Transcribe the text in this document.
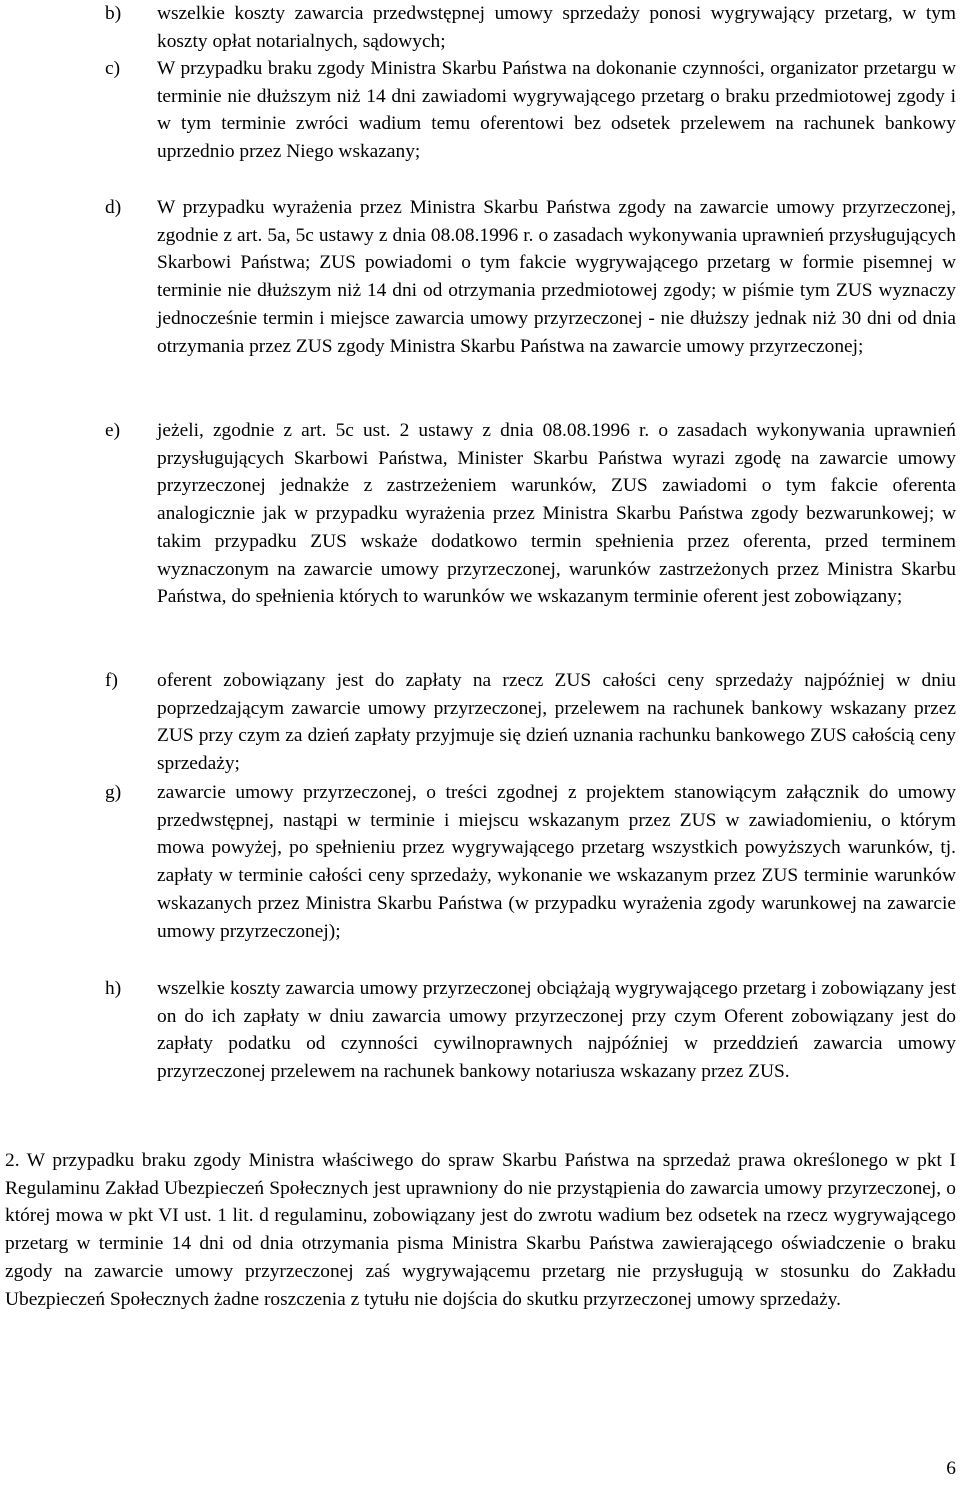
b)	wszelkie koszty zawarcia przedwstępnej umowy sprzedaży ponosi wygrywający przetarg, w tym koszty opłat notarialnych, sądowych;
c)	W przypadku braku zgody Ministra Skarbu Państwa na dokonanie czynności, organizator przetargu w terminie nie dłuższym niż 14 dni zawiadomi wygrywającego przetarg o braku przedmiotowej zgody i w tym terminie zwróci wadium temu oferentowi bez odsetek przelewem na rachunek bankowy uprzednio przez Niego wskazany;
d)	W przypadku wyrażenia przez Ministra Skarbu Państwa zgody na zawarcie umowy przyrzeczonej, zgodnie z art. 5a, 5c ustawy z dnia 08.08.1996 r. o zasadach wykonywania uprawnień przysługujących Skarbowi Państwa; ZUS powiadomi o tym fakcie wygrywającego przetarg w formie pisemnej w terminie nie dłuższym niż 14 dni od otrzymania przedmiotowej zgody; w piśmie tym ZUS wyznaczy jednocześnie termin i miejsce zawarcia umowy przyrzeczonej - nie dłuższy jednak niż 30 dni od dnia otrzymania przez ZUS zgody Ministra Skarbu Państwa na zawarcie umowy przyrzeczonej;
e)	jeżeli, zgodnie z art. 5c ust. 2 ustawy z dnia 08.08.1996 r. o zasadach wykonywania uprawnień przysługujących Skarbowi Państwa, Minister Skarbu Państwa wyrazi zgodę na zawarcie umowy przyrzeczonej jednakże z zastrzeżeniem warunków, ZUS zawiadomi o tym fakcie oferenta analogicznie jak w przypadku wyrażenia przez Ministra Skarbu Państwa zgody bezwarunkowej; w takim przypadku ZUS wskaże dodatkowo termin spełnienia przez oferenta, przed terminem wyznaczonym na zawarcie umowy przyrzeczonej, warunków zastrzeżonych przez Ministra Skarbu Państwa, do spełnienia których to warunków we wskazanym terminie oferent jest zobowiązany;
f)	oferent zobowiązany jest do zapłaty na rzecz ZUS całości ceny sprzedaży najpóźniej w dniu poprzedzającym zawarcie umowy przyrzeczonej, przelewem na rachunek bankowy wskazany przez ZUS przy czym za dzień zapłaty przyjmuje się dzień uznania rachunku bankowego ZUS całością ceny sprzedaży;
g)	zawarcie umowy przyrzeczonej, o treści zgodnej z projektem stanowiącym załącznik do umowy przedwstępnej, nastąpi w terminie i miejscu wskazanym przez ZUS w zawiadomieniu, o którym mowa powyżej, po spełnieniu przez wygrywającego przetarg wszystkich powyższych warunków, tj. zapłaty w terminie całości ceny sprzedaży, wykonanie we wskazanym przez ZUS terminie warunków wskazanych przez Ministra Skarbu Państwa (w przypadku wyrażenia zgody warunkowej na zawarcie umowy przyrzeczonej);
h)	wszelkie koszty zawarcia umowy przyrzeczonej obciążają wygrywającego przetarg i zobowiązany jest on do ich zapłaty w dniu zawarcia umowy przyrzeczonej przy czym Oferent zobowiązany jest do zapłaty podatku od czynności cywilnoprawnych najpóźniej w przeddzień zawarcia umowy przyrzeczonej przelewem na rachunek bankowy notariusza wskazany przez ZUS.
2. W przypadku braku zgody Ministra właściwego do spraw Skarbu Państwa na sprzedaż prawa określonego w pkt I Regulaminu Zakład Ubezpieczeń Społecznych jest uprawniony do nie przystąpienia do zawarcia umowy przyrzeczonej, o której mowa w pkt VI ust. 1 lit. d regulaminu, zobowiązany jest do zwrotu wadium bez odsetek na rzecz wygrywającego przetarg w terminie 14 dni od dnia otrzymania pisma Ministra Skarbu Państwa zawierającego oświadczenie o braku zgody na zawarcie umowy przyrzeczonej zaś wygrywającemu przetarg nie przysługują w stosunku do Zakładu Ubezpieczeń Społecznych żadne roszczenia z tytułu nie dojścia do skutku przyrzeczonej umowy sprzedaży.
6
